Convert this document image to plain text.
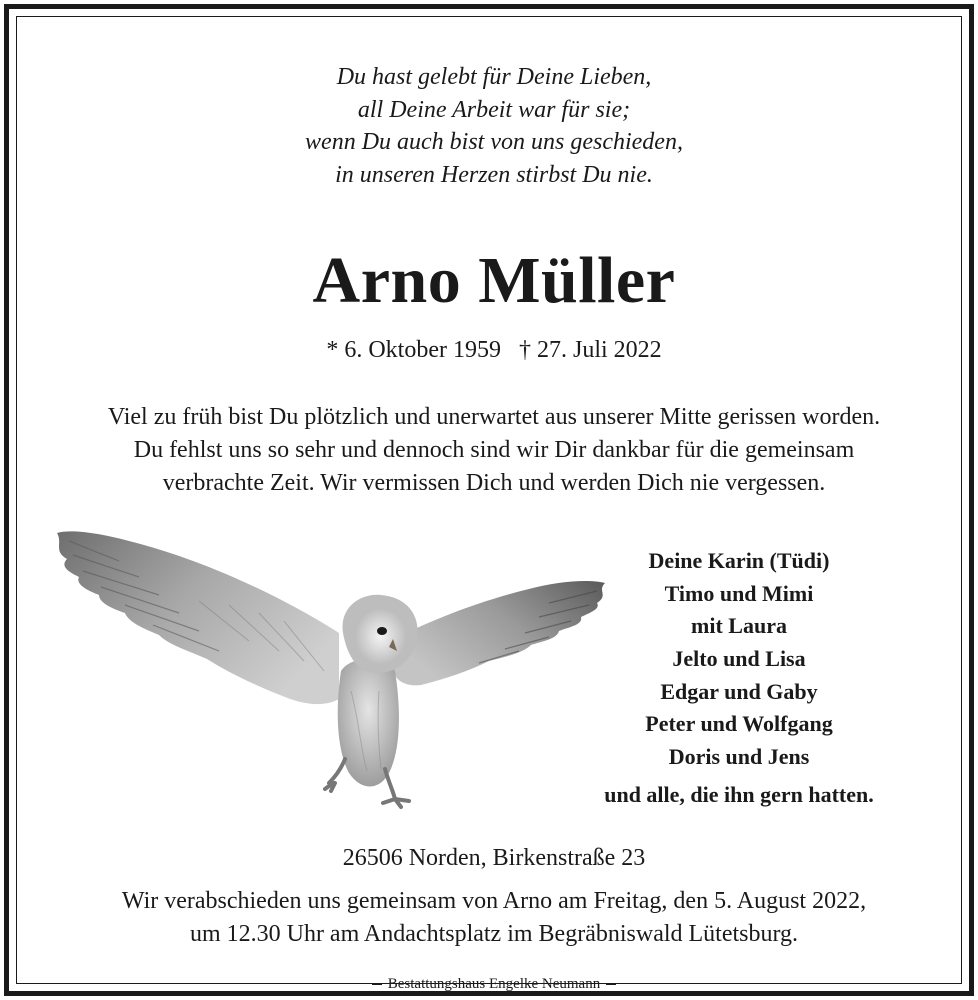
Du hast gelebt für Deine Lieben,
all Deine Arbeit war für sie;
wenn Du auch bist von uns geschieden,
in unseren Herzen stirbst Du nie.
Arno Müller
* 6. Oktober 1959 † 27. Juli 2022
Viel zu früh bist Du plötzlich und unerwartet aus unserer Mitte gerissen worden.
Du fehlst uns so sehr und dennoch sind wir Dir dankbar für die gemeinsam
verbrachte Zeit. Wir vermissen Dich und werden Dich nie vergessen.
Deine Karin (Tüdi)
Timo und Mimi
mit Laura
Jelto und Lisa
Edgar und Gaby
Peter und Wolfgang
Doris und Jens
und alle, die ihn gern hatten.
26506 Norden, Birkenstraße 23
Wir verabschieden uns gemeinsam von Arno am Freitag, den 5. August 2022,
um 12.30 Uhr am Andachtsplatz im Begräbniswald Lütetsburg.
Bestattungshaus Engelke Neumann
